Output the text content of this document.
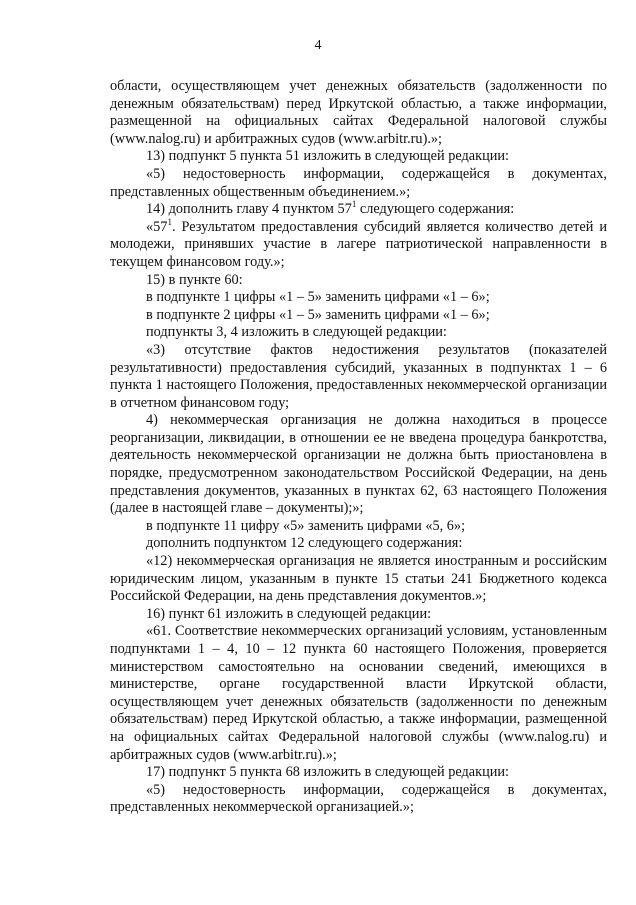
4

области, осуществляющем учет денежных обязательств (задолженности по денежным обязательствам) перед Иркутской областью, а также информации, размещенной на официальных сайтах Федеральной налоговой службы (www.nalog.ru) и арбитражных судов (www.arbitr.ru).»;

13) подпункт 5 пункта 51 изложить в следующей редакции:

«5) недостоверность информации, содержащейся в документах, представленных общественным объединением.»;

14) дополнить главу 4 пунктом $57^1$ следующего содержания:

«$57^1$. Результатом предоставления субсидий является количество детей и молодежи, принявших участие в лагере патриотической направленности в текущем финансовом году.»;

15) в пункте 60:

в подпункте 1 цифры «1 – 5» заменить цифрами «1 – 6»;

в подпункте 2 цифры «1 – 5» заменить цифрами «1 – 6»;

подпункты 3, 4 изложить в следующей редакции:

«3) отсутствие фактов недостижения результатов (показателей результативности) предоставления субсидий, указанных в подпунктах 1 – 6 пункта 1 настоящего Положения, предоставленных некоммерческой организации в отчетном финансовом году;

4) некоммерческая организация не должна находиться в процессе реорганизации, ликвидации, в отношении ее не введена процедура банкротства, деятельность некоммерческой организации не должна быть приостановлена в порядке, предусмотренном законодательством Российской Федерации, на день представления документов, указанных в пунктах 62, 63 настоящего Положения (далее в настоящей главе – документы);»;

в подпункте 11 цифру «5» заменить цифрами «5, 6»;

дополнить подпунктом 12 следующего содержания:

«12) некоммерческая организация не является иностранным и российским юридическим лицом, указанным в пункте 15 статьи 241 Бюджетного кодекса Российской Федерации, на день представления документов.»;

16) пункт 61 изложить в следующей редакции:

«61. Соответствие некоммерческих организаций условиям, установленным подпунктами 1 – 4, 10 – 12 пункта 60 настоящего Положения, проверяется министерством самостоятельно на основании сведений, имеющихся в министерстве, органе государственной власти Иркутской области, осуществляющем учет денежных обязательств (задолженности по денежным обязательствам) перед Иркутской областью, а также информации, размещенной на официальных сайтах Федеральной налоговой службы (www.nalog.ru) и арбитражных судов (www.arbitr.ru).»;

17) подпункт 5 пункта 68 изложить в следующей редакции:

«5) недостоверность информации, содержащейся в документах, представленных некоммерческой организацией.»;
